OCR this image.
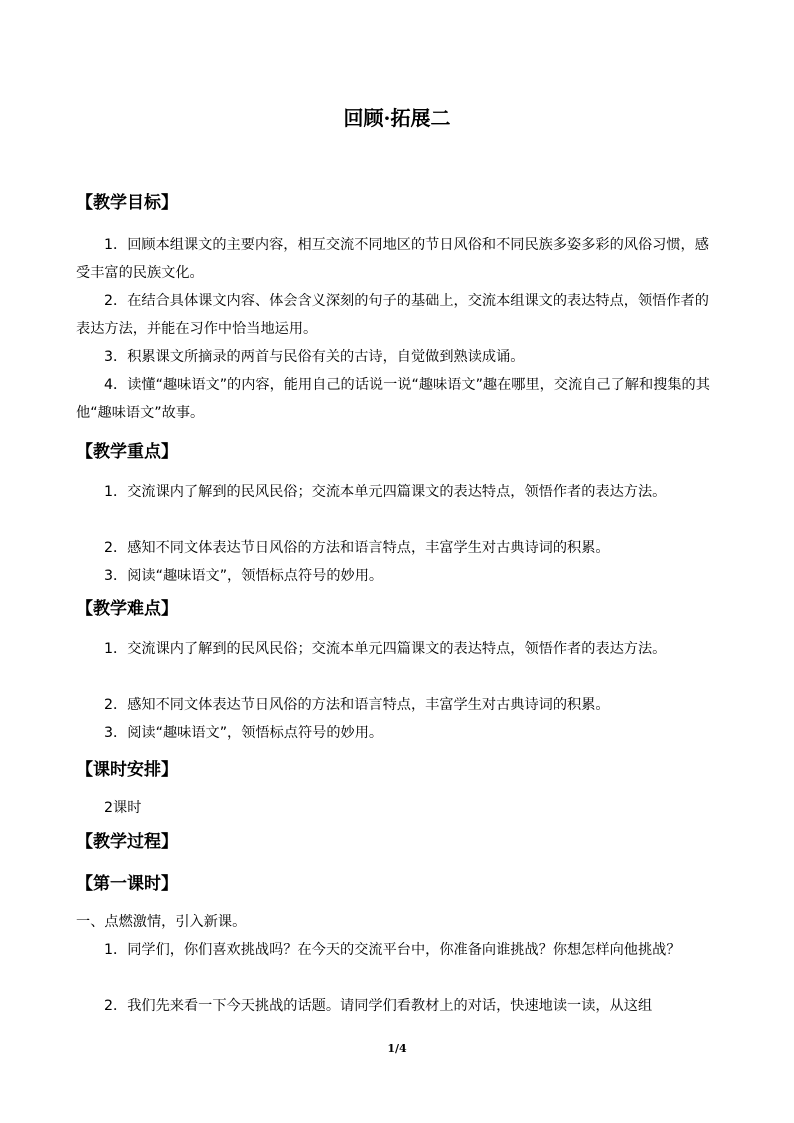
回顾·拓展二
【教学目标】
1．回顾本组课文的主要内容，相互交流不同地区的节日风俗和不同民族多姿多彩的风俗习惯，感受丰富的民族文化。
2．在结合具体课文内容、体会含义深刻的句子的基础上，交流本组课文的表达特点，领悟作者的表达方法，并能在习作中恰当地运用。
3．积累课文所摘录的两首与民俗有关的古诗，自觉做到熟读成诵。
4．读懂“趣味语文”的内容，能用自己的话说一说“趣味语文”趣在哪里，交流自己了解和搜集的其他“趣味语文”故事。
【教学重点】
1．交流课内了解到的民风民俗；交流本单元四篇课文的表达特点，领悟作者的表达方法。
2．感知不同文体表达节日风俗的方法和语言特点，丰富学生对古典诗词的积累。
3．阅读“趣味语文”，领悟标点符号的妙用。
【教学难点】
1．交流课内了解到的民风民俗；交流本单元四篇课文的表达特点，领悟作者的表达方法。
2．感知不同文体表达节日风俗的方法和语言特点，丰富学生对古典诗词的积累。
3．阅读“趣味语文”，领悟标点符号的妙用。
【课时安排】
2课时
【教学过程】
【第一课时】
一、点燃激情，引入新课。
1．同学们，你们喜欢挑战吗？在今天的交流平台中，你准备向谁挑战？你想怎样向他挑战？
2．我们先来看一下今天挑战的话题。请同学们看教材上的对话，快速地读一读，从这组
1/4
